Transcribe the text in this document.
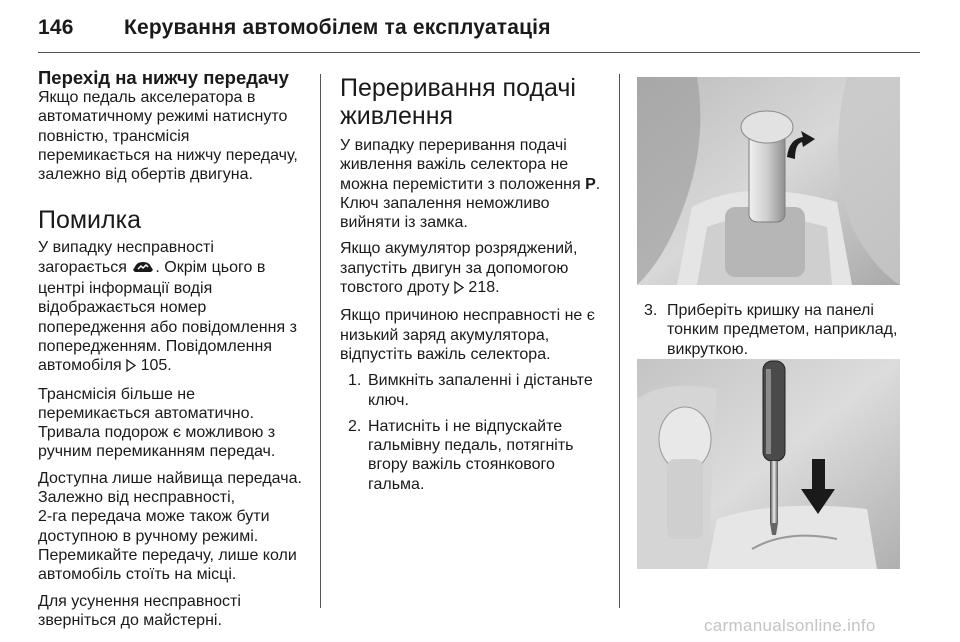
146 Керування автомобілем та експлуатація
Перехід на нижчу передачу
Якщо педаль акселератора в
автоматичному режимі натиснуто
повністю, трансмісія
перемикається на нижчу передачу,
залежно від обертів двигуна.
Помилка
У випадку несправності
загорається . Окрім цього в
центрі інформації водія
відображається номер
попередження або повідомлення з
попередженням. Повідомлення
автомобіля  105.
Трансмісія більше не
перемикається автоматично.
Тривала подорож є можливою з
ручним перемиканням передач.
Доступна лише найвища передача.
Залежно від несправності,
2-га передача може також бути
доступною в ручному режимі.
Перемикайте передачу, лише коли
автомобіль стоїть на місці.
Для усунення несправності
зверніться до майстерні.
Переривання подачі
живлення
У випадку переривання подачі
живлення важіль селектора не
можна перемістити з положення P.
Ключ запалення неможливо
вийняти із замка.
Якщо акумулятор розряджений,
запустіть двигун за допомогою
товстого дроту  218.
Якщо причиною несправності не є
низький заряд акумулятора,
відпустіть важіль селектора.
1. Вимкніть запаленні і дістаньте
ключ.
2. Натисніть і не відпускайте
гальмівну педаль, потягніть
вгору важіль стоянкового
гальма.
3. Приберіть кришку на панелі
тонким предметом, наприклад,
викруткою.
carmanualsonline.info
